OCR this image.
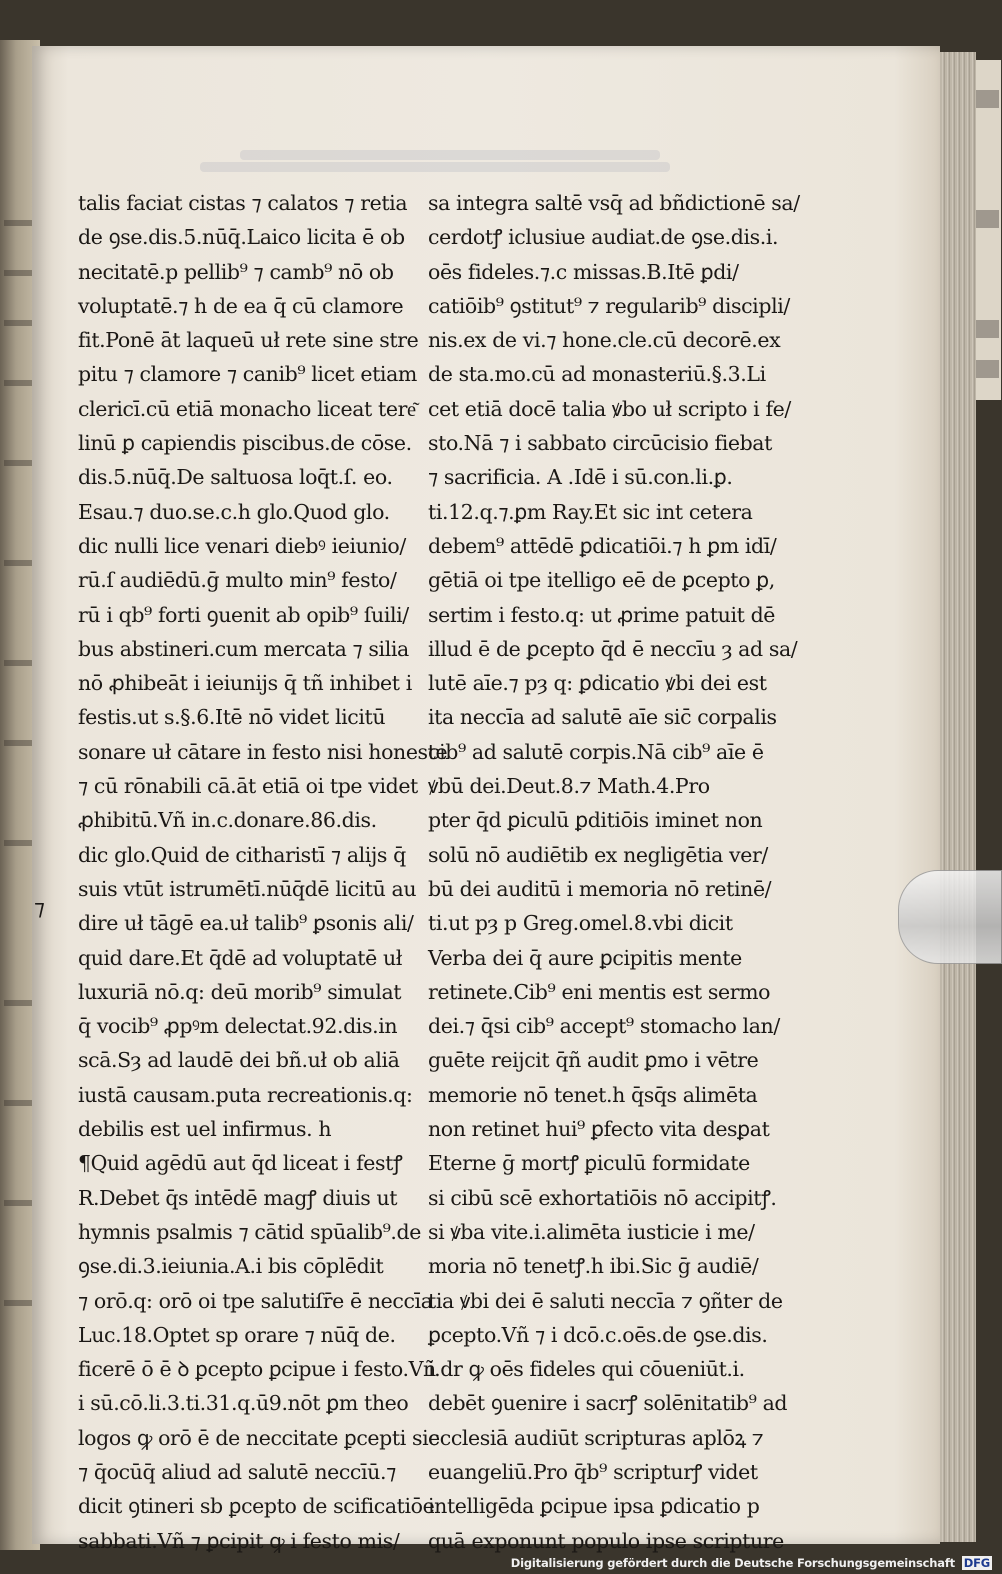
talis faciat cistas ⁊ calatos ⁊ retia
de ꝯse.dis.5.nūq̄.Laico licita ē ob
necitatē.p pellib⁹ ⁊ camb⁹ nō ob
voluptatē.⁊ h de ea q̄ cū clamore
fit.Ponē āt laqueū uł rete sine stre
pitu ⁊ clamore ⁊ canib⁹ licet etiam
clericī.cū etiā monacho liceat tere͂
linū ꝑ capiendis piscibus.de cōse.
dis.5.nūq̄.De saltuosa loq̄t.ſ. eo.
Esau.⁊ duo.se.c.h glo.Quod glo.
dic nulli lice venari diebꝰ ieiunio/
rū.ſ audiēdū.ḡ multo min⁹ festo/
rū i qb⁹ forti ꝯuenit ab opib⁹ ſuili/
bus abstineri.cum mercata ⁊ silia
nō ꝓhibeāt i ieiunijs q̄ tñ inhibet i
festis.ut s.§.6.Itē nō videt licitū
sonare uł cātare in festo nisi honeste
⁊ cū rōnabili cā.āt etiā oi tpe videt
ꝓhibitū.Vñ in.c.donare.86.dis.
dic glo.Quid de citharistī ⁊ alijs q̄
suis vtūt istrumētī.nūq̄dē licitū au
dire uł tāgē ea.uł talib⁹ ꝑsonis ali/
quid dare.Et q̄dē ad voluptatē uł
luxuriā nō.q: deū morib⁹ simulat
q̄ vocib⁹ ꝓpꝰm delectat.92.dis.in
scā.Sȝ ad laudē dei bñ.uł ob aliā
iustā causam.puta recreationis.q:
debilis est uel infirmus. h
¶Quid agēdū aut q̄d liceat i festꝭ
R.Debet q̄s intēdē magꝭ diuis ut
hymnis psalmis ⁊ cātid spūalib⁹.de
ꝯse.di.3.ieiunia.A.i bis cōplēdit
⁊ orō.q: orō oi tpe salutiſr̄e ē neccīa
Luc.18.Optet sp orare ⁊ nūq̄ de.
ficerē ō ē ꝺ ꝑcepto ꝑcipue i festo.Vñ
i sū.cō.li.3.ti.31.q.ū9.nōt ꝑm theo
logos ꝙ orō ē de neccitate ꝑcepti sic
⁊ q̄ocūq̄ aliud ad salutē neccīū.⁊
dicit ꝯtineri sb ꝑcepto de scificatiōe
sabbati.Vñ ⁊ ꝑcipit ꝙ i festo mis/
sa integra saltē vsq̄ ad bñdictionē sa/
cerdotꝭ iclusiue audiat.de ꝯse.dis.i.
oēs fideles.⁊.c missas.B.Itē ꝑdi/
catiōib⁹ ꝯstitut⁹ ⁊ regularib⁹ discipli/
nis.ex de vi.⁊ hone.cle.cū decorē.ex
de sta.mo.cū ad monasteriū.§.3.Li
cet etiā docē talia ꝟbo uł scripto i fe/
sto.Nā ⁊ i sabbato circūcisio fiebat
⁊ sacrificia. A .Idē i sū.con.li.ꝑ.
ti.12.q.⁊.ꝑm Ray.Et sic int cetera
debem⁹ attēdē ꝑdicatiōi.⁊ h ꝑm idī/
gētiā oi tpe itelligo eē de ꝑcepto ꝑ,
sertim i festo.q: ut ꝓrime patuit dē
illud ē de ꝑcepto q̄d ē neccīu ȝ ad sa/
lutē aīe.⁊ pȝ q: ꝑdicatio ꝟbi dei est
ita neccīa ad salutē aīe sic̄ corpalis
cib⁹ ad salutē corpis.Nā cib⁹ aīe ē
ꝟbū dei.Deut.8.⁊ Math.4.Pro
pter q̄d ꝑiculū ꝑditiōis iminet non
solū nō audiētib ex negligētia ver/
bū dei auditū i memoria nō retinē/
ti.ut pȝ p Greg.omel.8.vbi dicit
Verba dei q̄ aure ꝑcipitis mente
retinete.Cib⁹ eni mentis est sermo
dei.⁊ q̄si cib⁹ accept⁹ stomacho lan/
guēte reijcit q̄ñ audit ꝑmo i vētre
memorie nō tenet.h q̄sq̄s alimēta
non retinet hui⁹ ꝑfecto vita desꝑat
Eterne ḡ mortꝭ ꝑiculū formidate
si cibū scē exhortatiōis nō accipitꝭ.
si ꝟba vite.i.alimēta iusticie i me/
moria nō tenetꝭ.h ibi.Sic ḡ audiē/
tia ꝟbi dei ē saluti neccīa ⁊ ꝯñter de
ꝑcepto.Vñ ⁊ i dcō.c.oēs.de ꝯse.dis.
i.dr ꝙ oēs fideles qui cōueniūt.i.
debēt ꝯuenire i sacrꝭ solēnitatib⁹ ad
ecclesiā audiūt scripturas aplōꝝ ⁊
euangeliū.Pro q̄b⁹ scripturꝭ videt
intelligēda ꝑcipue ipsa ꝑdicatio p
quā exponunt populo ipse scripture
⁊
Digitalisierung gefördert durch die Deutsche Forschungsgemeinschaft DFG
